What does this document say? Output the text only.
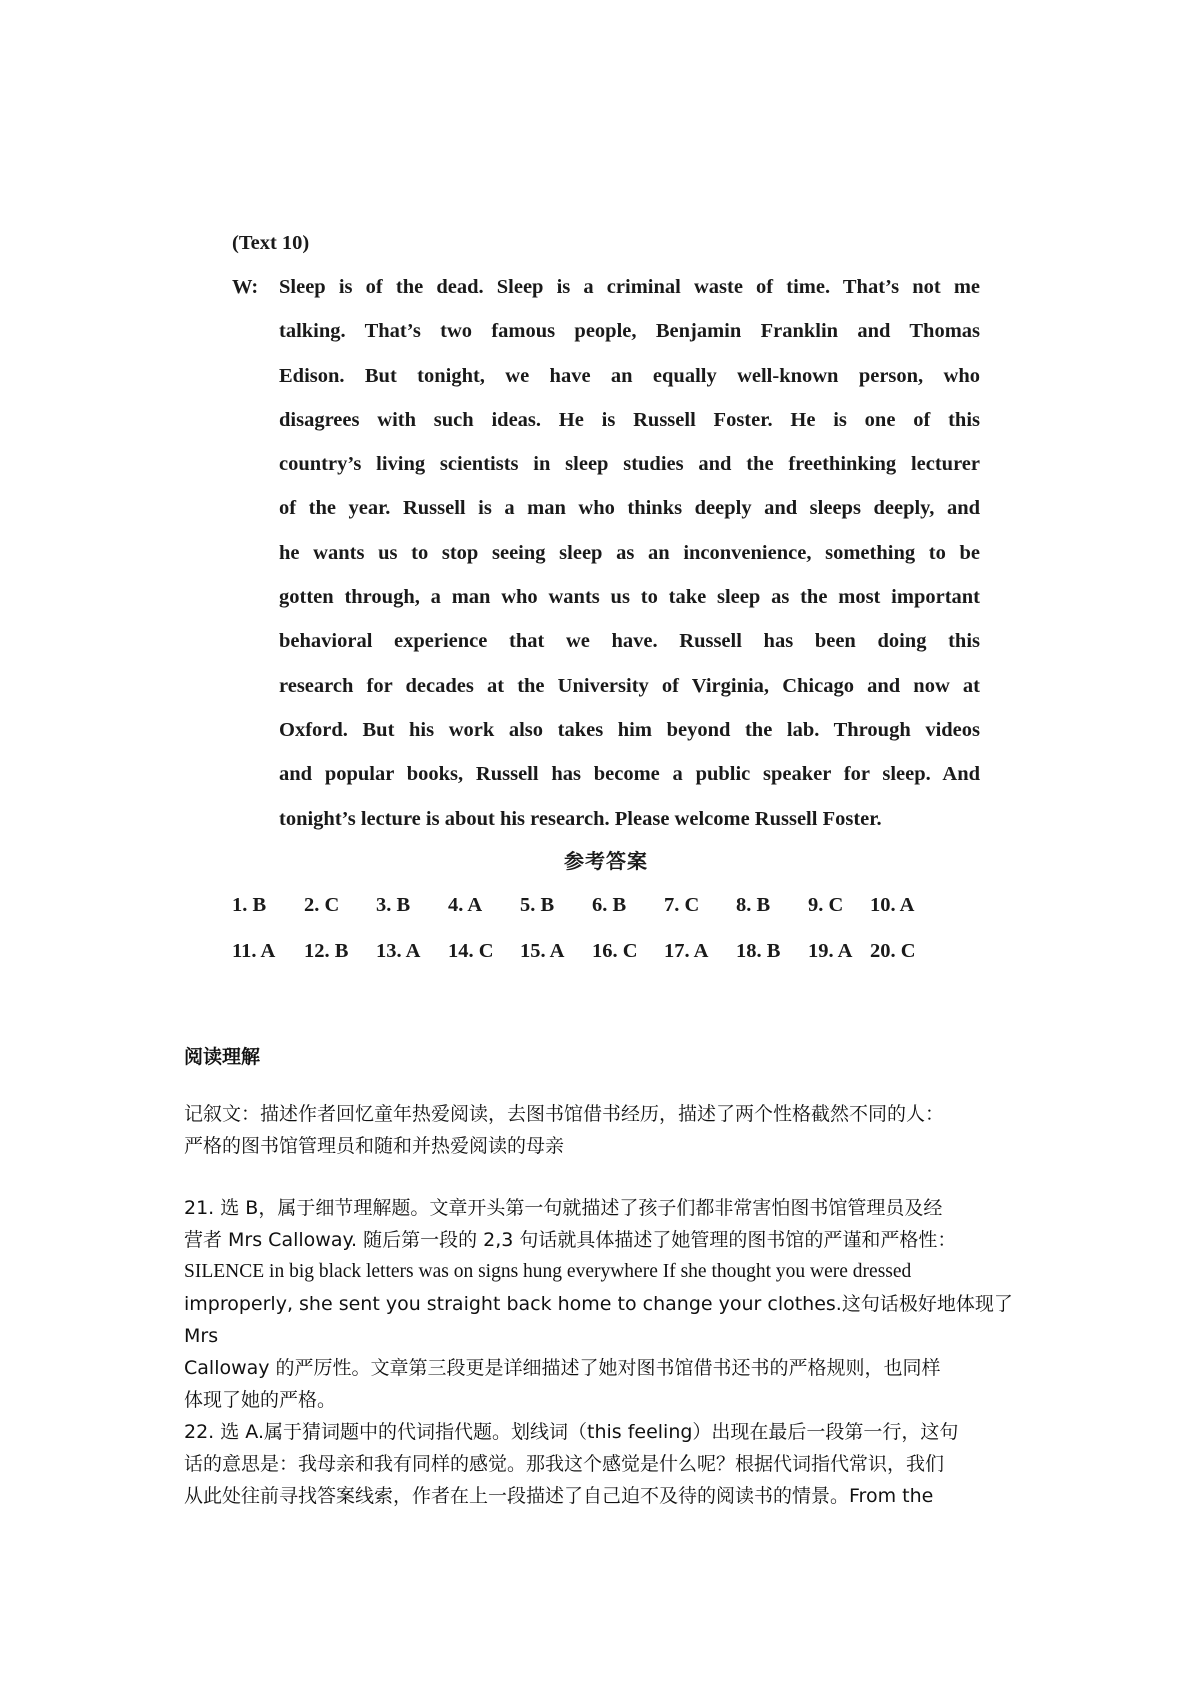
(Text 10)
W: Sleep is of the dead. Sleep is a criminal waste of time. That’s not me
talking. That’s two famous people, Benjamin Franklin and Thomas
Edison. But tonight, we have an equally well-known person, who
disagrees with such ideas. He is Russell Foster. He is one of this
country’s living scientists in sleep studies and the freethinking lecturer
of the year. Russell is a man who thinks deeply and sleeps deeply, and
he wants us to stop seeing sleep as an inconvenience, something to be
gotten through, a man who wants us to take sleep as the most important
behavioral experience that we have. Russell has been doing this
research for decades at the University of Virginia, Chicago and now at
Oxford. But his work also takes him beyond the lab. Through videos
and popular books, Russell has become a public speaker for sleep. And
tonight’s lecture is about his research. Please welcome Russell Foster.
参考答案
1. B	2. C	3. B	4. A	5. B	6. B	7. C	8. B	9. C	10. A
11. A	12. B	13. A	14. C	15. A	16. C	17. A	18. B	19. A 20. C
阅读理解
记叙文：描述作者回忆童年热爱阅读，去图书馆借书经历，描述了两个性格截然不同的人：
严格的图书馆管理员和随和并热爱阅读的母亲
21. 选 B，属于细节理解题。文章开头第一句就描述了孩子们都非常害怕图书馆管理员及经
营者 Mrs Calloway. 随后第一段的 2,3 句话就具体描述了她管理的图书馆的严谨和严格性：
SILENCE in big black letters was on signs hung everywhere If she thought you were dressed
improperly, she sent you straight back home to change your clothes.这句话极好地体现了 Mrs
Calloway 的严厉性。文章第三段更是详细描述了她对图书馆借书还书的严格规则，也同样
体现了她的严格。
22. 选 A.属于猜词题中的代词指代题。划线词（this feeling）出现在最后一段第一行，这句
话的意思是：我母亲和我有同样的感觉。那我这个感觉是什么呢？根据代词指代常识，我们
从此处往前寻找答案线索，作者在上一段描述了自己迫不及待的阅读书的情景。From the
